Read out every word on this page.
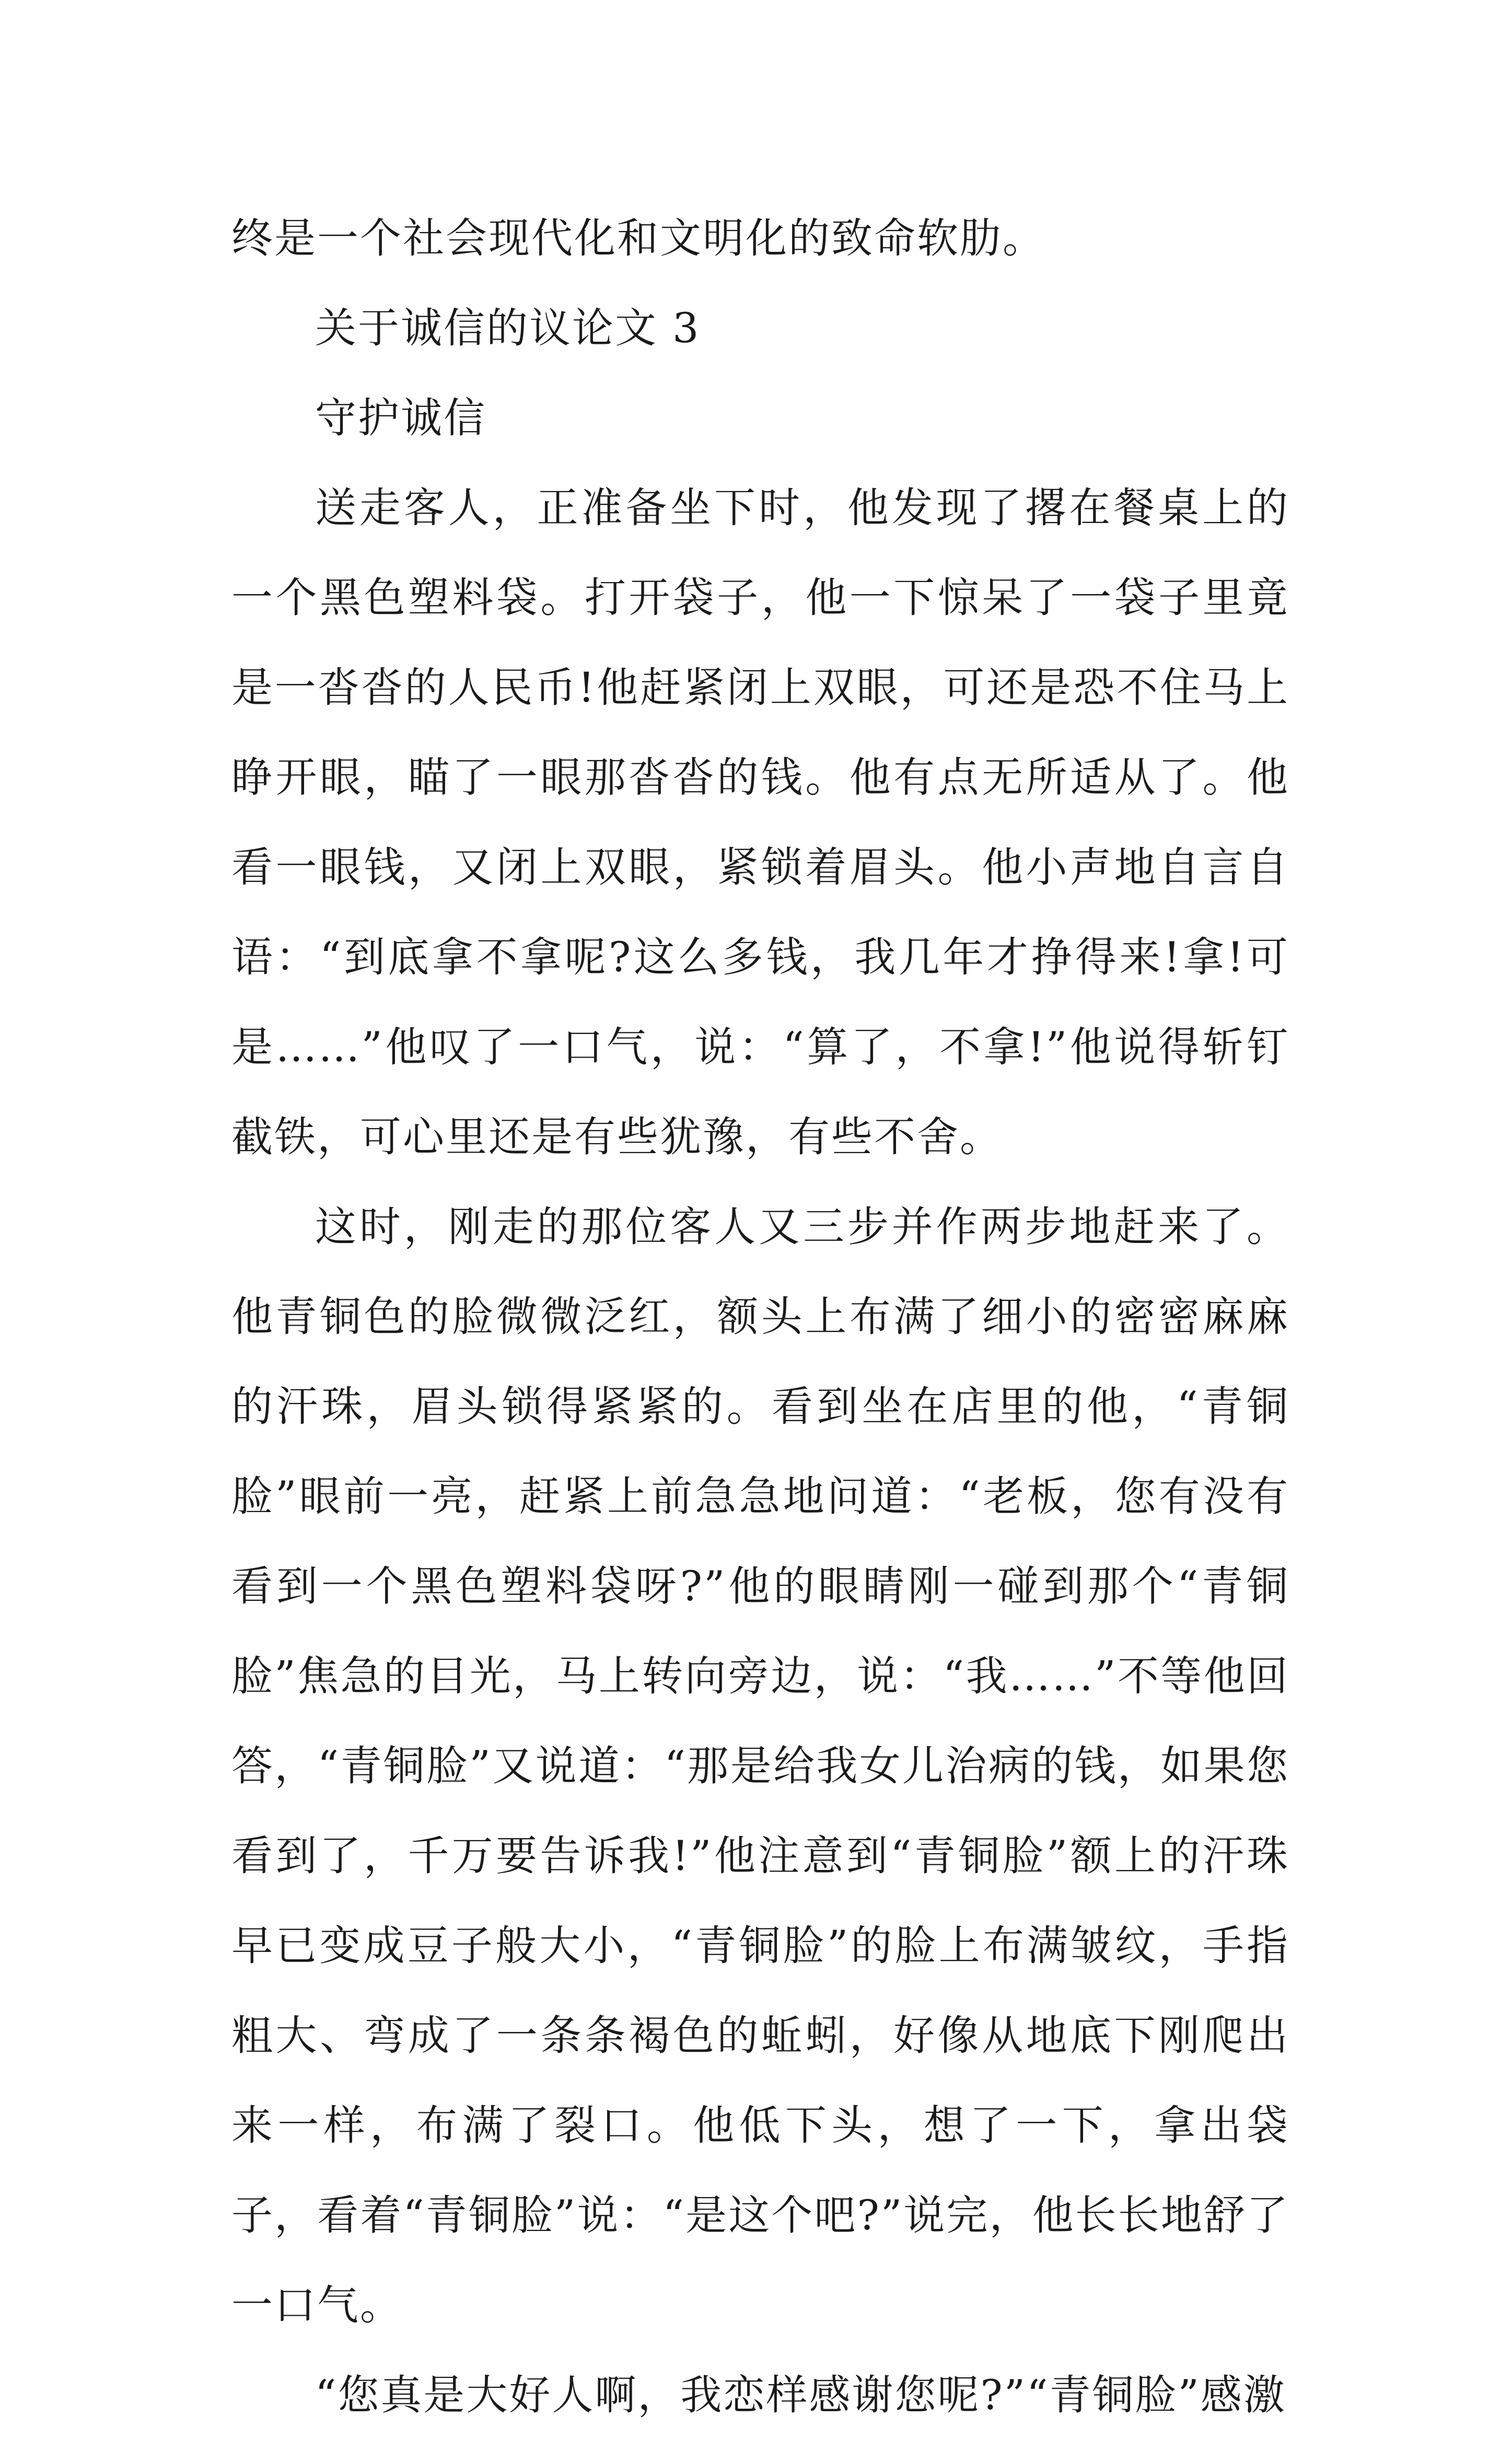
终是一个社会现代化和文明化的致命软肋。

关于诚信的议论文 3

守护诚信

送走客人，正准备坐下时，他发现了撂在餐桌上的一个黑色塑料袋。打开袋子，他一下惊呆了一袋子里竟是一沓沓的人民币!他赶紧闭上双眼，可还是恐不住马上睁开眼，瞄了一眼那沓沓的钱。他有点无所适从了。他看一眼钱，又闭上双眼，紧锁着眉头。他小声地自言自语：“到底拿不拿呢?这么多钱，我几年才挣得来!拿!可是……”他叹了一口气，说：“算了，不拿!”他说得斩钉截铁，可心里还是有些犹豫，有些不舍。

这时，刚走的那位客人又三步并作两步地赶来了。他青铜色的脸微微泛红，额头上布满了细小的密密麻麻的汗珠，眉头锁得紧紧的。看到坐在店里的他，“青铜脸”眼前一亮，赶紧上前急急地问道：“老板，您有没有看到一个黑色塑料袋呀?”他的眼睛刚一碰到那个“青铜脸”焦急的目光，马上转向旁边，说：“我……”不等他回答，“青铜脸”又说道：“那是给我女儿治病的钱，如果您看到了，千万要告诉我!”他注意到“青铜脸”额上的汗珠早已变成豆子般大小，“青铜脸”的脸上布满皱纹，手指粗大、弯成了一条条褐色的蚯蚓，好像从地底下刚爬出来一样，布满了裂口。他低下头，想了一下，拿出袋子，看着“青铜脸”说：“是这个吧?”说完，他长长地舒了一口气。

“您真是大好人啊，我恋样感谢您呢?”“青铜脸”感激
